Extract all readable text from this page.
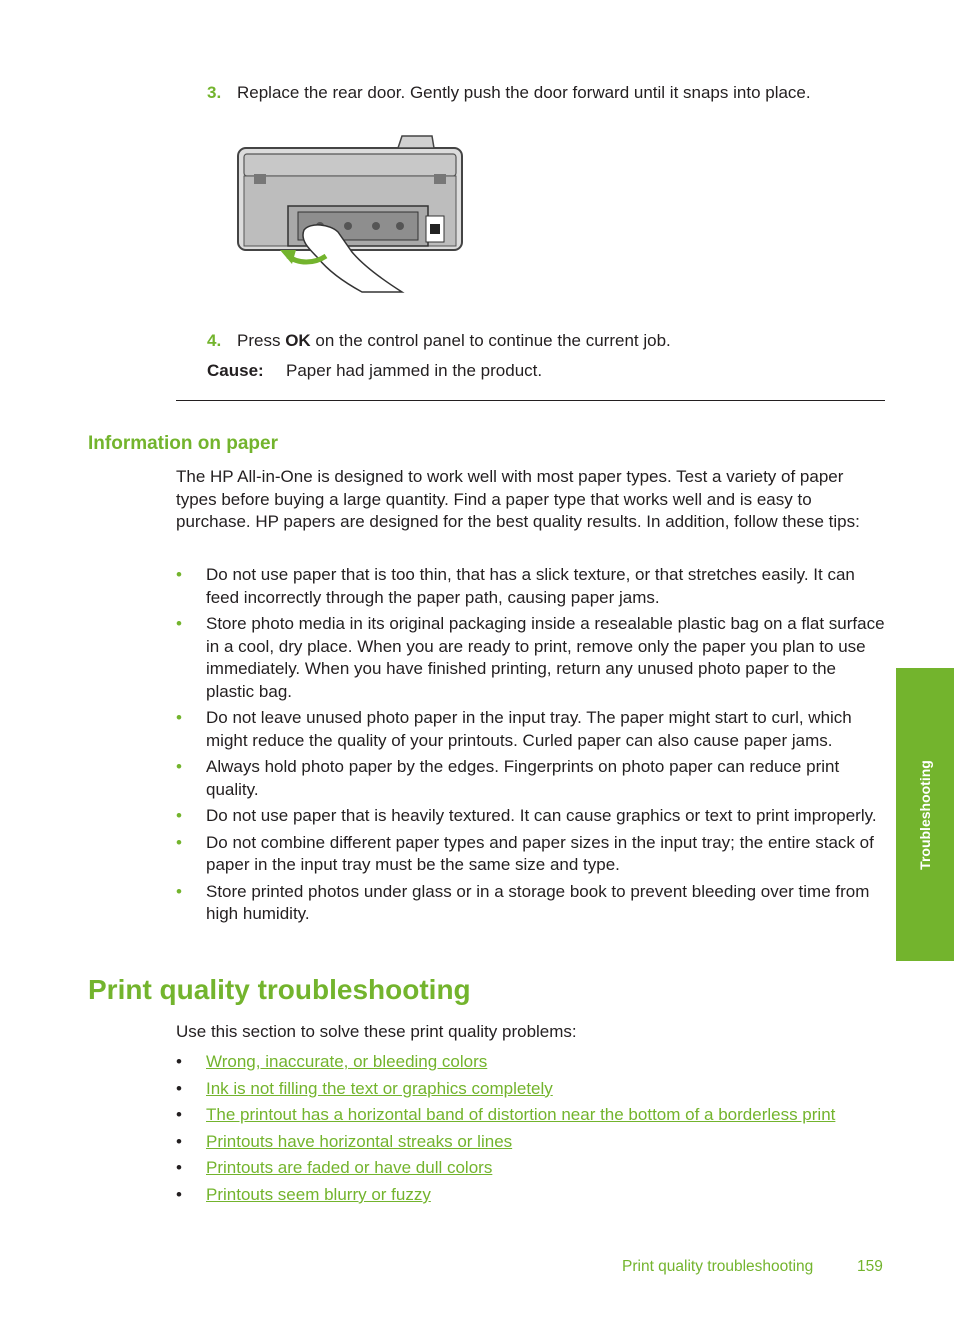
3. Replace the rear door. Gently push the door forward until it snaps into place.
4. Press OK on the control panel to continue the current job.
Cause: Paper had jammed in the product.
Information on paper
The HP All-in-One is designed to work well with most paper types. Test a variety of paper types before buying a large quantity. Find a paper type that works well and is easy to purchase. HP papers are designed for the best quality results. In addition, follow these tips:
•	Do not use paper that is too thin, that has a slick texture, or that stretches easily. It can feed incorrectly through the paper path, causing paper jams.
•	Store photo media in its original packaging inside a resealable plastic bag on a flat surface in a cool, dry place. When you are ready to print, remove only the paper you plan to use immediately. When you have finished printing, return any unused photo paper to the plastic bag.
•	Do not leave unused photo paper in the input tray. The paper might start to curl, which might reduce the quality of your printouts. Curled paper can also cause paper jams.
•	Always hold photo paper by the edges. Fingerprints on photo paper can reduce print quality.
•	Do not use paper that is heavily textured. It can cause graphics or text to print improperly.
•	Do not combine different paper types and paper sizes in the input tray; the entire stack of paper in the input tray must be the same size and type.
•	Store printed photos under glass or in a storage book to prevent bleeding over time from high humidity.
Print quality troubleshooting
Use this section to solve these print quality problems:
•	Wrong, inaccurate, or bleeding colors
•	Ink is not filling the text or graphics completely
•	The printout has a horizontal band of distortion near the bottom of a borderless print
•	Printouts have horizontal streaks or lines
•	Printouts are faded or have dull colors
•	Printouts seem blurry or fuzzy
Troubleshooting
Print quality troubleshooting	159
